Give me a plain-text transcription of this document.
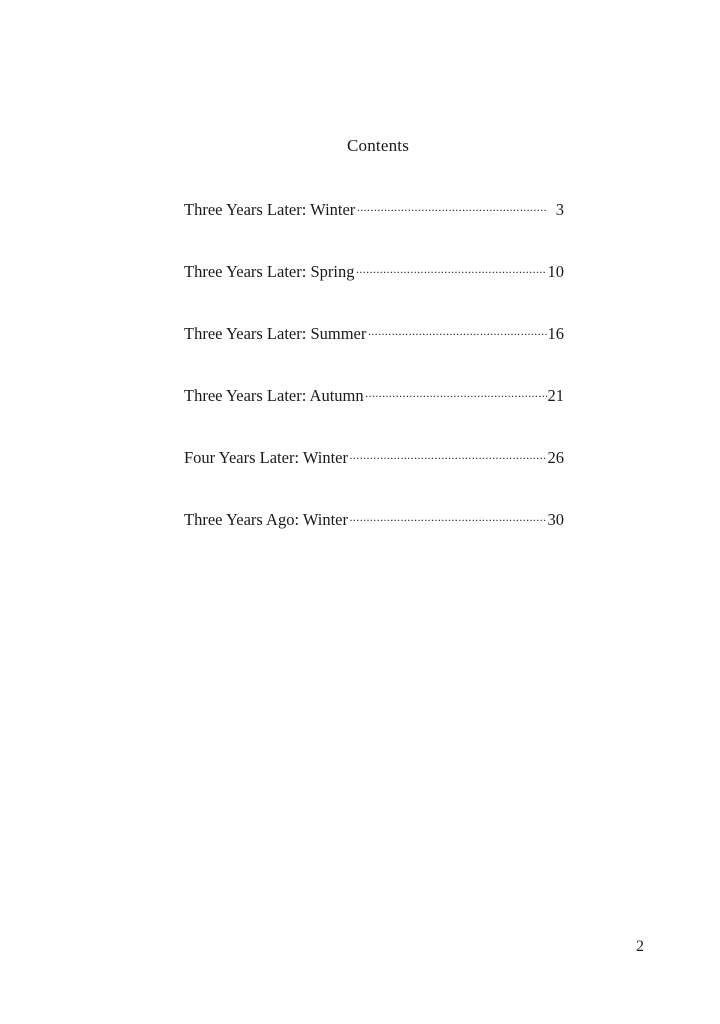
Contents
Three Years Later: Winter ·····	3
Three Years Later: Spring ·····	10
Three Years Later: Summer ·····	16
Three Years Later: Autumn ·····	21
Four Years Later: Winter ·····	26
Three Years Ago: Winter ·····	30
2
